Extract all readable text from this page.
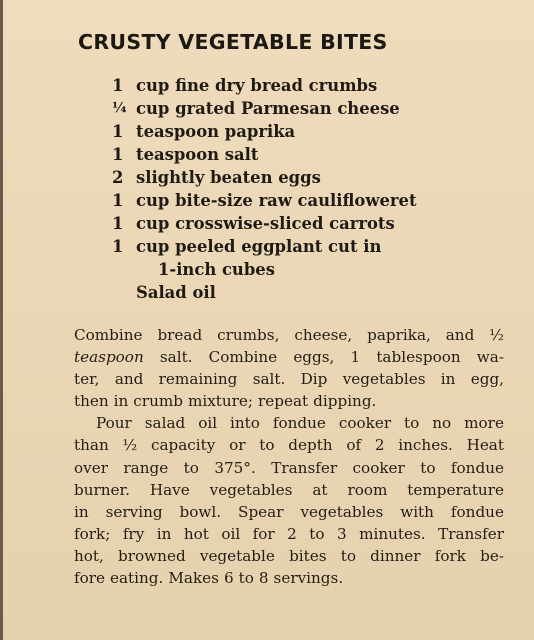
CRUSTY VEGETABLE BITES
1 cup fine dry bread crumbs
¼ cup grated Parmesan cheese
1 teaspoon paprika
1 teaspoon salt
2 slightly beaten eggs
1 cup bite-size raw caulifloweret
1 cup crosswise-sliced carrots
1 cup peeled eggplant cut in
1-inch cubes
Salad oil
Combine bread crumbs, cheese, paprika, and ½
teaspoon salt. Combine eggs, 1 tablespoon wa-
ter, and remaining salt. Dip vegetables in egg,
then in crumb mixture; repeat dipping.
Pour salad oil into fondue cooker to no more
than ½ capacity or to depth of 2 inches. Heat
over range to 375°. Transfer cooker to fondue
burner. Have vegetables at room temperature
in serving bowl. Spear vegetables with fondue
fork; fry in hot oil for 2 to 3 minutes. Transfer
hot, browned vegetable bites to dinner fork be-
fore eating. Makes 6 to 8 servings.
